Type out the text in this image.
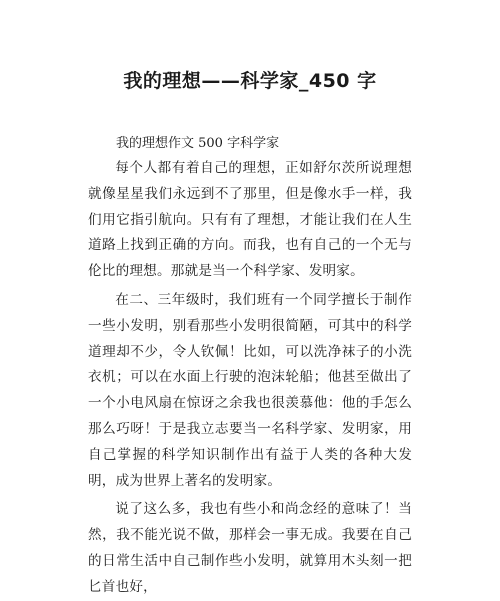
我的理想——科学家_450 字

我的理想作文 500 字科学家

每个人都有着自己的理想，正如舒尔茨所说理想就像星星我们永远到不了那里，但是像水手一样，我们用它指引航向。只有有了理想，才能让我们在人生道路上找到正确的方向。而我，也有自己的一个无与伦比的理想。那就是当一个科学家、发明家。

在二、三年级时，我们班有一个同学擅长于制作一些小发明，别看那些小发明很简陋，可其中的科学道理却不少，令人钦佩！比如，可以洗净袜子的小洗衣机；可以在水面上行驶的泡沫轮船；他甚至做出了一个小电风扇在惊讶之余我也很羡慕他：他的手怎么那么巧呀！于是我立志要当一名科学家、发明家，用自己掌握的科学知识制作出有益于人类的各种大发明，成为世界上著名的发明家。

说了这么多，我也有些小和尚念经的意味了！当然，我不能光说不做，那样会一事无成。我要在自己的日常生活中自己制作些小发明，就算用木头刻一把匕首也好，
